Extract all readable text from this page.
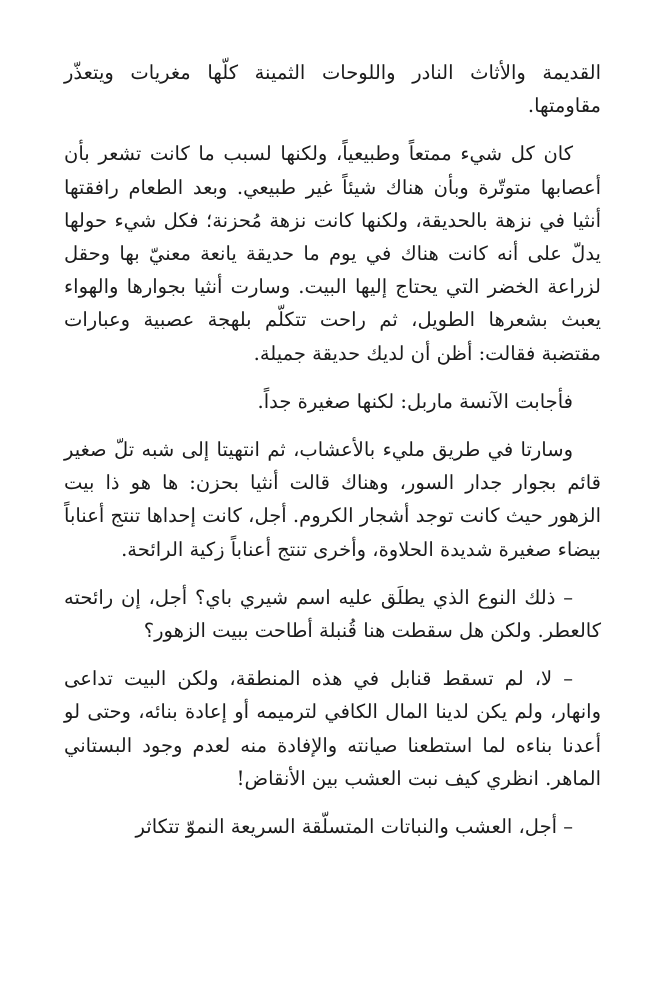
القديمة والأثاث النادر واللوحات الثمينة كلّها مغريات ويتعذّر مقاومتها.

كان كل شيء ممتعاً وطبيعياً، ولكنها لسبب ما كانت تشعر بأن أعصابها متوتّرة وبأن هناك شيئاً غير طبيعي. وبعد الطعام رافقتها أنثيا في نزهة بالحديقة، ولكنها كانت نزهة مُحزنة؛ فكل شيء حولها يدلّ على أنه كانت هناك في يوم ما حديقة يانعة معنيّ بها وحقل لزراعة الخضر التي يحتاج إليها البيت. وسارت أنثيا بجوارها والهواء يعبث بشعرها الطويل، ثم راحت تتكلّم بلهجة عصبية وعبارات مقتضبة فقالت: أظن أن لديك حديقة جميلة.

فأجابت الآنسة ماربل: لكنها صغيرة جداً.

وسارتا في طريق مليء بالأعشاب، ثم انتهيتا إلى شبه تلّ صغير قائم بجوار جدار السور، وهناك قالت أنثيا بحزن: ها هو ذا بيت الزهور حيث كانت توجد أشجار الكروم. أجل، كانت إحداها تنتج أعناباً بيضاء صغيرة شديدة الحلاوة، وأخرى تنتج أعناباً زكية الرائحة.

– ذلك النوع الذي يطلَق عليه اسم شيري باي؟ أجل، إن رائحته كالعطر. ولكن هل سقطت هنا قُنبلة أطاحت ببيت الزهور؟

– لا، لم تسقط قنابل في هذه المنطقة، ولكن البيت تداعى وانهار، ولم يكن لدينا المال الكافي لترميمه أو إعادة بنائه، وحتى لو أعدنا بناءه لما استطعنا صيانته والإفادة منه لعدم وجود البستاني الماهر. انظري كيف نبت العشب بين الأنقاض!

– أجل، العشب والنباتات المتسلّقة السريعة النموّ تتكاثر
